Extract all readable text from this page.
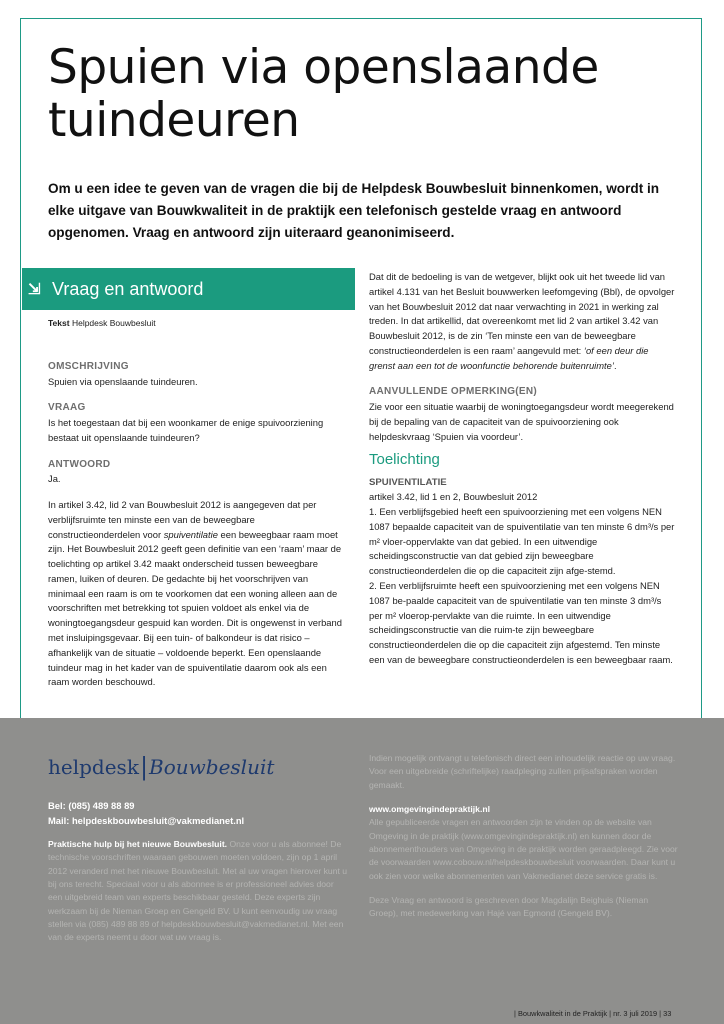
Spuien via openslaande tuindeuren

Om u een idee te geven van de vragen die bij de Helpdesk Bouwbesluit binnenkomen, wordt in elke uitgave van Bouwkwaliteit in de praktijk een telefonisch gestelde vraag en antwoord opgenomen. Vraag en antwoord zijn uiteraard geanonimiseerd.

⇲ Vraag en antwoord
Tekst Helpdesk Bouwbesluit

OMSCHRIJVING

Spuien via openslaande tuindeuren.

VRAAG

Is het toegestaan dat bij een woonkamer de enige spuivoorziening bestaat uit openslaande tuindeuren?

ANTWOORD

Ja.

In artikel 3.42, lid 2 van Bouwbesluit 2012 is aangegeven dat per verblijfsruimte ten minste een van de beweegbare constructieonderdelen voor spuiventilatie een beweegbaar raam moet zijn. Het Bouwbesluit 2012 geeft geen definitie van een ‘raam’ maar de toelichting op artikel 3.42 maakt onderscheid tussen beweegbare ramen, luiken of deuren. De gedachte bij het voorschrijven van minimaal een raam is om te voorkomen dat een woning alleen aan de voorschriften met betrekking tot spuien voldoet als enkel via de woningtoegangsdeur gespuid kan worden. Dit is ongewenst in verband met insluipingsgevaar. Bij een tuin- of balkondeur is dat risico – afhankelijk van de situatie – voldoende beperkt. Een openslaande tuindeur mag in het kader van de spuiventilatie daarom ook als een raam worden beschouwd.

Dat dit de bedoeling is van de wetgever, blijkt ook uit het tweede lid van artikel 4.131 van het Besluit bouwwerken leefomgeving (Bbl), de opvolger van het Bouwbesluit 2012 dat naar verwachting in 2021 in werking zal treden. In dat artikellid, dat overeenkomt met lid 2 van artikel 3.42 van Bouwbesluit 2012, is de zin ‘Ten minste een van de beweegbare constructieonderdelen is een raam’ aangevuld met: ‘of een deur die grenst aan een tot de woonfunctie behorende buitenruimte’.

AANVULLENDE OPMERKING(EN)

Zie voor een situatie waarbij de woningtoegangsdeur wordt meegerekend bij de bepaling van de capaciteit van de spuivoorziening ook helpdeskvraag ‘Spuien via voordeur’.

Toelichting

SPUIVENTILATIE

artikel 3.42, lid 1 en 2, Bouwbesluit 2012

1. Een verblijfsgebied heeft een spuivoorziening met een volgens NEN 1087 bepaalde capaciteit van de spuiventilatie van ten minste 6 dm³/s per m² vloer-oppervlakte van dat gebied. In een uitwendige scheidingsconstructie van dat gebied zijn beweegbare constructieonderdelen die op die capaciteit zijn afge-stemd.

2. Een verblijfsruimte heeft een spuivoorziening met een volgens NEN 1087 be-paalde capaciteit van de spuiventilatie van ten minste 3 dm³/s per m² vloerop-pervlakte van die ruimte. In een uitwendige scheidingsconstructie van die ruim-te zijn beweegbare constructieonderdelen die op die capaciteit zijn afgestemd. Ten minste een van de beweegbare constructieonderdelen is een beweegbaar raam.

helpdesk | Bouwbesluit
Bel: (085) 489 88 89
Mail: helpdeskbouwbesluit@vakmedianet.nl

Praktische hulp bij het nieuwe Bouwbesluit. Onze voor u als abonnee! De technische voorschriften waaraan gebouwen moeten voldoen, zijn op 1 april 2012 veranderd met het nieuwe Bouwbesluit. Met al uw vragen hierover kunt u bij ons terecht. Speciaal voor u als abonnee is er professioneel advies door een uitgebreid team van experts beschikbaar gesteld. Deze experts zijn werkzaam bij de Nieman Groep en Gengeld BV. U kunt eenvoudig uw vraag stellen via (085) 489 88 89 of helpdeskbouwbesluit@vakmedianet.nl. Met een van de experts neemt u door wat uw vraag is.

Indien mogelijk ontvangt u telefonisch direct een inhoudelijk reactie op uw vraag. Voor een uitgebreide (schriftelijke) raadpleging zullen prijsafspraken worden gemaakt.

www.omgevingindepraktijk.nl

Alle gepubliceerde vragen en antwoorden zijn te vinden op de website van Omgeving in de praktijk (www.omgevingindepraktijk.nl) en kunnen door de abonnementhouders van Omgeving in de praktijk worden geraadpleegd. Zie voor de voorwaarden www.cobouw.nl/helpdeskbouwbesluit voorwaarden. Daar kunt u ook zien voor welke abonnementen van Vakmedianet deze service gratis is.

Deze Vraag en antwoord is geschreven door Magdalijn Beighuis (Nieman Groep), met medewerking van Hajé van Egmond (Gengeld BV).

| Bouwkwaliteit in de Praktijk | nr. 3 juli 2019 | 33
